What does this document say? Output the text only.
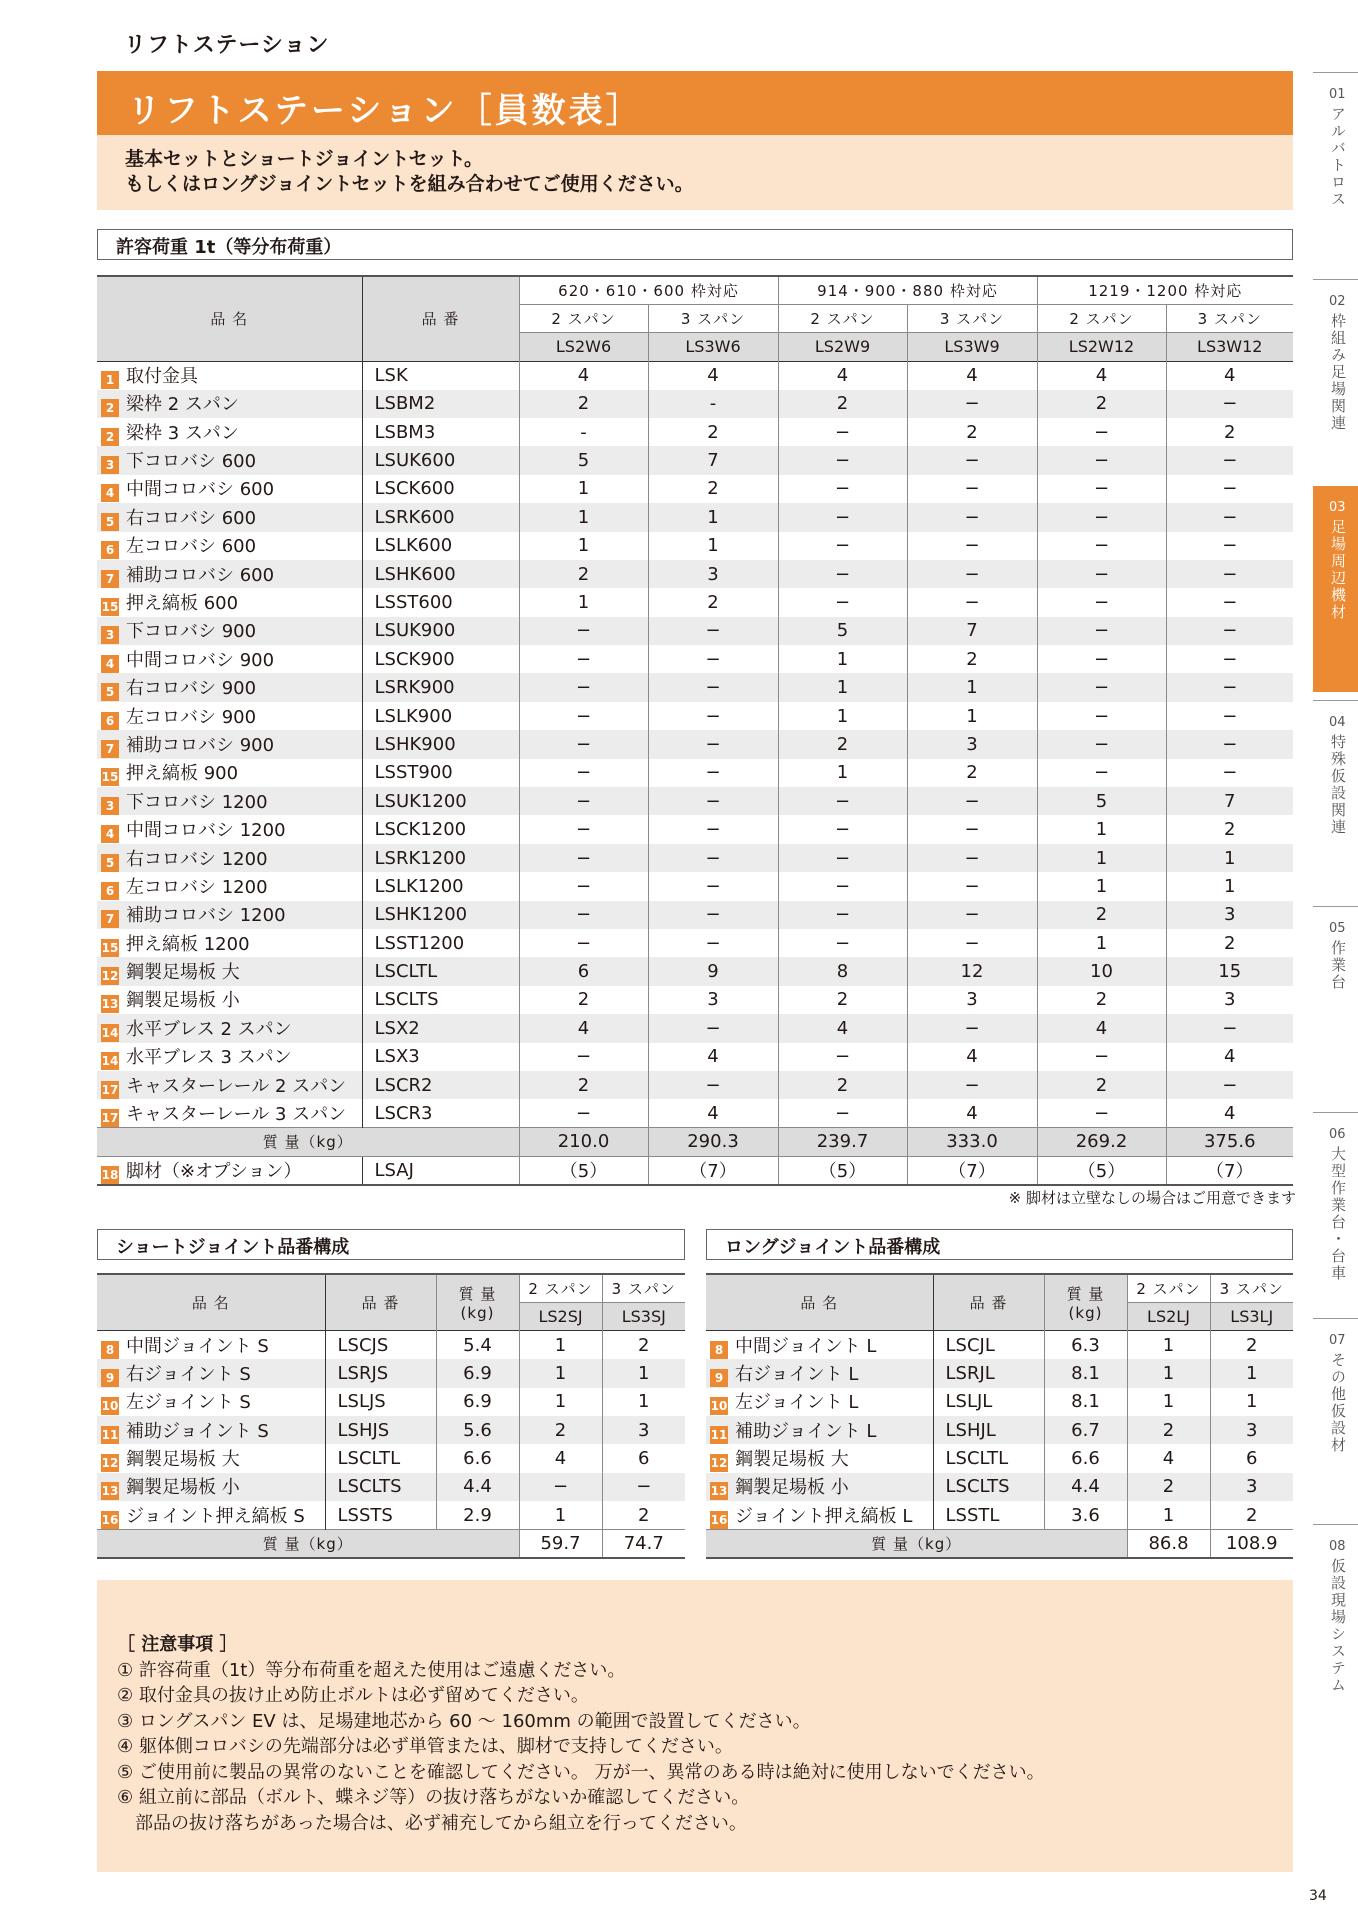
リフトステーション
リフトステーション［員数表］
基本セットとショートジョイントセット。
もしくはロングジョイントセットを組み合わせてご使用ください。
許容荷重 1t（等分布荷重）
品 名	品 番	620・610・600 枠対応		914・900・880 枠対応		1219・1200 枠対応	
		2 スパン	3 スパン	2 スパン	3 スパン	2 スパン	3 スパン
		LS2W6	LS3W6	LS2W9	LS3W9	LS2W12	LS3W12
1 取付金具	LSK	4	4	4	4	4	4
2 梁枠 2 スパン	LSBM2	2	-	2	−	2	−
2 梁枠 3 スパン	LSBM3	-	2	−	2	−	2
3 下コロバシ 600	LSUK600	5	7	−	−	−	−
4 中間コロバシ 600	LSCK600	1	2	−	−	−	−
5 右コロバシ 600	LSRK600	1	1	−	−	−	−
6 左コロバシ 600	LSLK600	1	1	−	−	−	−
7 補助コロバシ 600	LSHK600	2	3	−	−	−	−
15 押え縞板 600	LSST600	1	2	−	−	−	−
3 下コロバシ 900	LSUK900	−	−	5	7	−	−
4 中間コロバシ 900	LSCK900	−	−	1	2	−	−
5 右コロバシ 900	LSRK900	−	−	1	1	−	−
6 左コロバシ 900	LSLK900	−	−	1	1	−	−
7 補助コロバシ 900	LSHK900	−	−	2	3	−	−
15 押え縞板 900	LSST900	−	−	1	2	−	−
3 下コロバシ 1200	LSUK1200	−	−	−	−	5	7
4 中間コロバシ 1200	LSCK1200	−	−	−	−	1	2
5 右コロバシ 1200	LSRK1200	−	−	−	−	1	1
6 左コロバシ 1200	LSLK1200	−	−	−	−	1	1
7 補助コロバシ 1200	LSHK1200	−	−	−	−	2	3
15 押え縞板 1200	LSST1200	−	−	−	−	1	2
12 鋼製足場板 大	LSCLTL	6	9	8	12	10	15
13 鋼製足場板 小	LSCLTS	2	3	2	3	2	3
14 水平ブレス 2 スパン	LSX2	4	−	4	−	4	−
14 水平ブレス 3 スパン	LSX3	−	4	−	4	−	4
17 キャスターレール 2 スパン	LSCR2	2	−	2	−	2	−
17 キャスターレール 3 スパン	LSCR3	−	4	−	4	−	4
質 量（kg）		210.0	290.3	239.7	333.0	269.2	375.6
18 脚材（※オプション）	LSAJ	（5）	（7）	（5）	（7）	（5）	（7）
※ 脚材は立壁なしの場合はご用意できます
ショートジョイント品番構成
品 名	品 番	質 量
(kg)	2 スパン	3 スパン
			LS2SJ	LS3SJ
8 中間ジョイント S	LSCJS	5.4	1	2
9 右ジョイント S	LSRJS	6.9	1	1
10 左ジョイント S	LSLJS	6.9	1	1
11 補助ジョイント S	LSHJS	5.6	2	3
12 鋼製足場板 大	LSCLTL	6.6	4	6
13 鋼製足場板 小	LSCLTS	4.4	−	−
16 ジョイント押え縞板 S	LSSTS	2.9	1	2
質 量（kg）			59.7	74.7
ロングジョイント品番構成
品 名	品 番	質 量
(kg)	2 スパン	3 スパン
			LS2LJ	LS3LJ
8 中間ジョイント L	LSCJL	6.3	1	2
9 右ジョイント L	LSRJL	8.1	1	1
10 左ジョイント L	LSLJL	8.1	1	1
11 補助ジョイント L	LSHJL	6.7	2	3
12 鋼製足場板 大	LSCLTL	6.6	4	6
13 鋼製足場板 小	LSCLTS	4.4	2	3
16 ジョイント押え縞板 L	LSSTL	3.6	1	2
質 量（kg）			86.8	108.9
［ 注意事項 ］
① 許容荷重（1t）等分布荷重を超えた使用はご遠慮ください。
② 取付金具の抜け止め防止ボルトは必ず留めてください。
③ ロングスパン EV は、足場建地芯から 60 〜 160mm の範囲で設置してください。
④ 躯体側コロバシの先端部分は必ず単管または、脚材で支持してください。
⑤ ご使用前に製品の異常のないことを確認してください。 万が一、異常のある時は絶対に使用しないでください。
⑥ 組立前に部品（ボルト、蝶ネジ等）の抜け落ちがないか確認してください。
　部品の抜け落ちがあった場合は、必ず補充してから組立を行ってください。
01
アルバトロス
02
枠組み足場関連
03
足場周辺機材
04
特殊仮設関連
05
作業台
06
大型作業台・台車
07
その他仮設材
08
仮設現場システム
34
